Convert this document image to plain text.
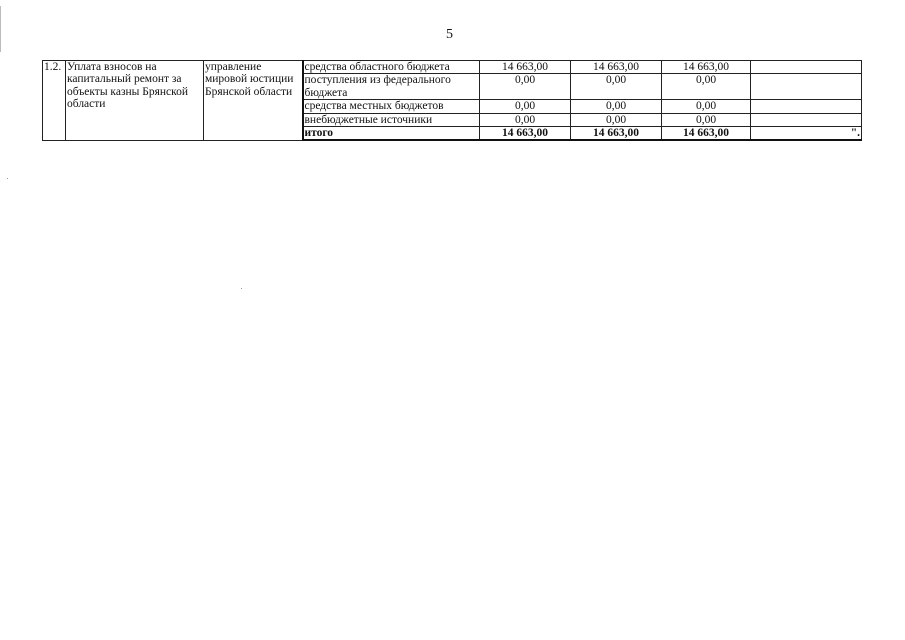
5
1.2.	Уплата взносов на капитальный ремонт за объекты казны Брянской области	управление мировой юстиции Брянской области	средства областного бюджета	14 663,00	14 663,00	14 663,00	
			поступления из федерального бюджета	0,00	0,00	0,00	
			средства местных бюджетов	0,00	0,00	0,00	
			внебюджетные источники	0,00	0,00	0,00	
			итого	14 663,00	14 663,00	14 663,00	".
